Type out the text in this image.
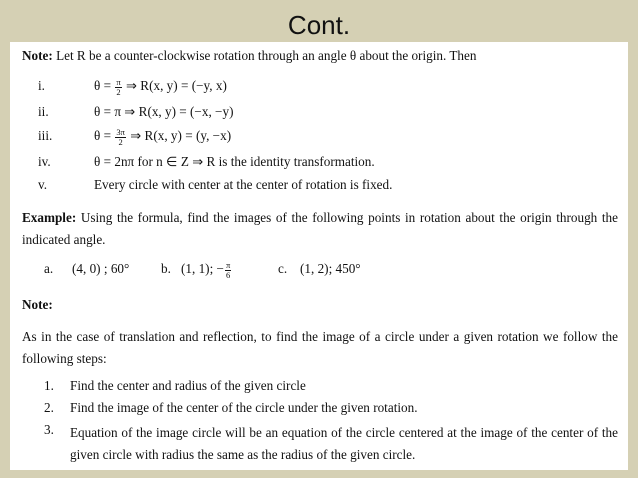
Cont.
Note: Let R be a counter-clockwise rotation through an angle θ about the origin. Then
i.	$\theta = \frac{\pi}{2}$ ⇒ R(x, y) = (−y, x)
ii.	θ = π ⇒ R(x, y) = (−x, −y)
iii.	$\theta = \frac{3\pi}{2}$ ⇒ R(x, y) = (y, −x)
iv.	θ = 2nπ for n ∈ Z ⇒ R is the identity transformation.
v.	Every circle with center at the center of rotation is fixed.
Example: Using the formula, find the images of the following points in rotation about the origin through the indicated angle.
a. (4, 0) ; 60° b. (1, 1); − $\frac{\pi}{6}$	c. (1, 2); 450°
Note:
As in the case of translation and reflection, to find the image of a circle under a given rotation we follow the following steps:
1. Find the center and radius of the given circle
2. Find the image of the center of the circle under the given rotation.
3. Equation of the image circle will be an equation of the circle centered at the image of the center of the given circle with radius the same as the radius of the given circle.
